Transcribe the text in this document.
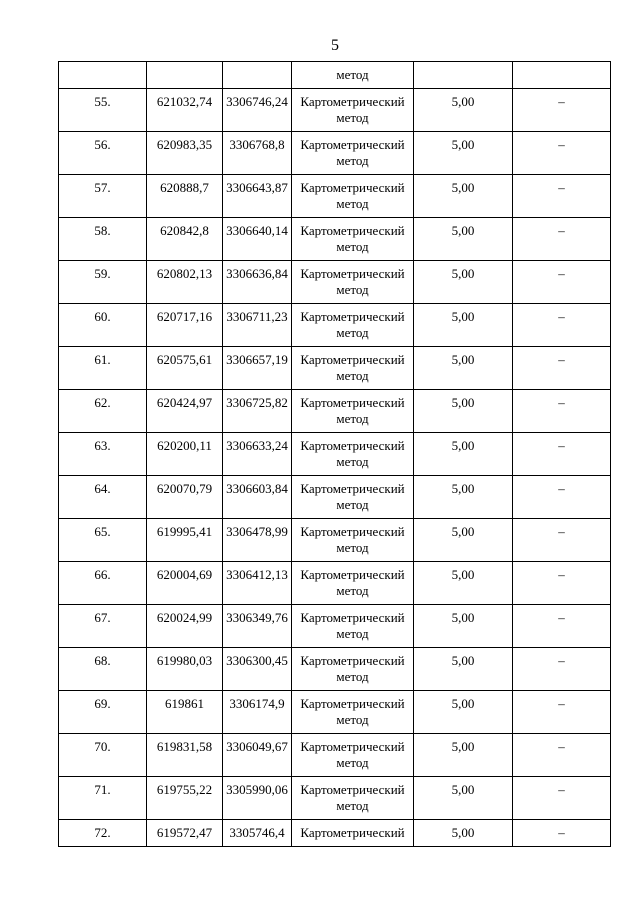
5

			метод		

55.	621032,74	3306746,24	Картометрический
метод	5,00	–

56.	620983,35	3306768,8	Картометрический
метод	5,00	–

57.	620888,7	3306643,87	Картометрический
метод	5,00	–

58.	620842,8	3306640,14	Картометрический
метод	5,00	–

59.	620802,13	3306636,84	Картометрический
метод	5,00	–

60.	620717,16	3306711,23	Картометрический
метод	5,00	–

61.	620575,61	3306657,19	Картометрический
метод	5,00	–

62.	620424,97	3306725,82	Картометрический
метод	5,00	–

63.	620200,11	3306633,24	Картометрический
метод	5,00	–

64.	620070,79	3306603,84	Картометрический
метод	5,00	–

65.	619995,41	3306478,99	Картометрический
метод	5,00	–

66.	620004,69	3306412,13	Картометрический
метод	5,00	–

67.	620024,99	3306349,76	Картометрический
метод	5,00	–

68.	619980,03	3306300,45	Картометрический
метод	5,00	–

69.	619861	3306174,9	Картометрический
метод	5,00	–

70.	619831,58	3306049,67	Картометрический
метод	5,00	–

71.	619755,22	3305990,06	Картометрический
метод	5,00	–

72.	619572,47	3305746,4	Картометрический	5,00	–
